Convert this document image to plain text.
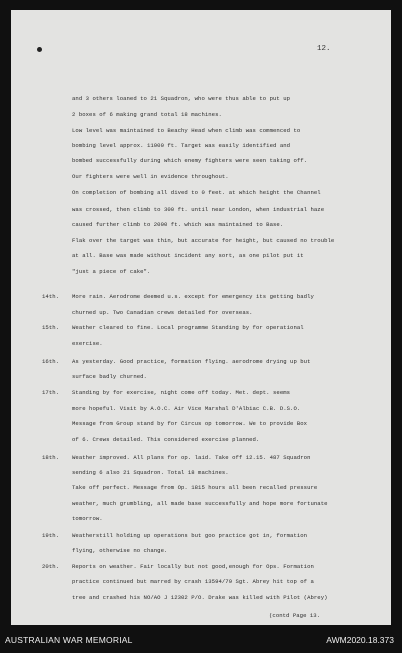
12.
and 3 others loaned to 21 Squadron, who were thus able to put up
2 boxes of 6 making grand total 18 machines.
Low level was maintained to Beachy Head when climb was commenced to
bombing level approx. 11000 ft. Target was easily identified and
bombed successfully during which enemy fighters were seen taking off.
Our fighters were well in evidence throughout.
On completion of bombing all dived to 0 feet. at which height the Channel
was crossed, then climb to 300 ft. until near London, when industrial haze
caused further climb to 2000 ft. which was maintained to Base.
Flak over the target was thin, but accurate for height, but caused no trouble
at all. Base was made without incident any sort, as one pilot put it
"just a piece of cake".
14th. More rain. Aerodrome deemed u.s. except for emergency its getting badly
churned up. Two Canadian crews detailed for overseas.
15th. Weather cleared to fine. Local programme Standing by for operational
exercise.
16th. As yesterday. Good practice, formation flying. aerodrome drying up but
surface badly churned.
17th. Standing by for exercise, night come off today. Met. dept. seems
more hopeful. Visit by A.O.C. Air Vice Marshal D'Albiac C.B. D.S.O.
Message from Group stand by for Circus op tomorrow. We to provide Box
of 6. Crews detailed. This considered exercise planned.
18th. Weather improved. All plans for op. laid. Take off 12.15. 487 Squadron
sending 6 also 21 Squadron. Total 18 machines.
Take off perfect. Message from Op. 1815 hours all been recalled pressure
weather, much grumbling, all made base successfully and hope more fortunate
tomorrow.
19th. Weatherstill holding up operations but goo practice got in, formation
flying, otherwise no change.
20th. Reports on weather. Fair locally but not good,enough for Ops. Formation
practice continued but marred by crash 13594/79 Sgt. Abrey hit top of a
tree and crashed his NO/AO J 12302 P/O. Drake was killed with Pilot (Abrey)
(contd Page 13.
AUSTRALIAN WAR MEMORIAL	AWM2020.18.373
